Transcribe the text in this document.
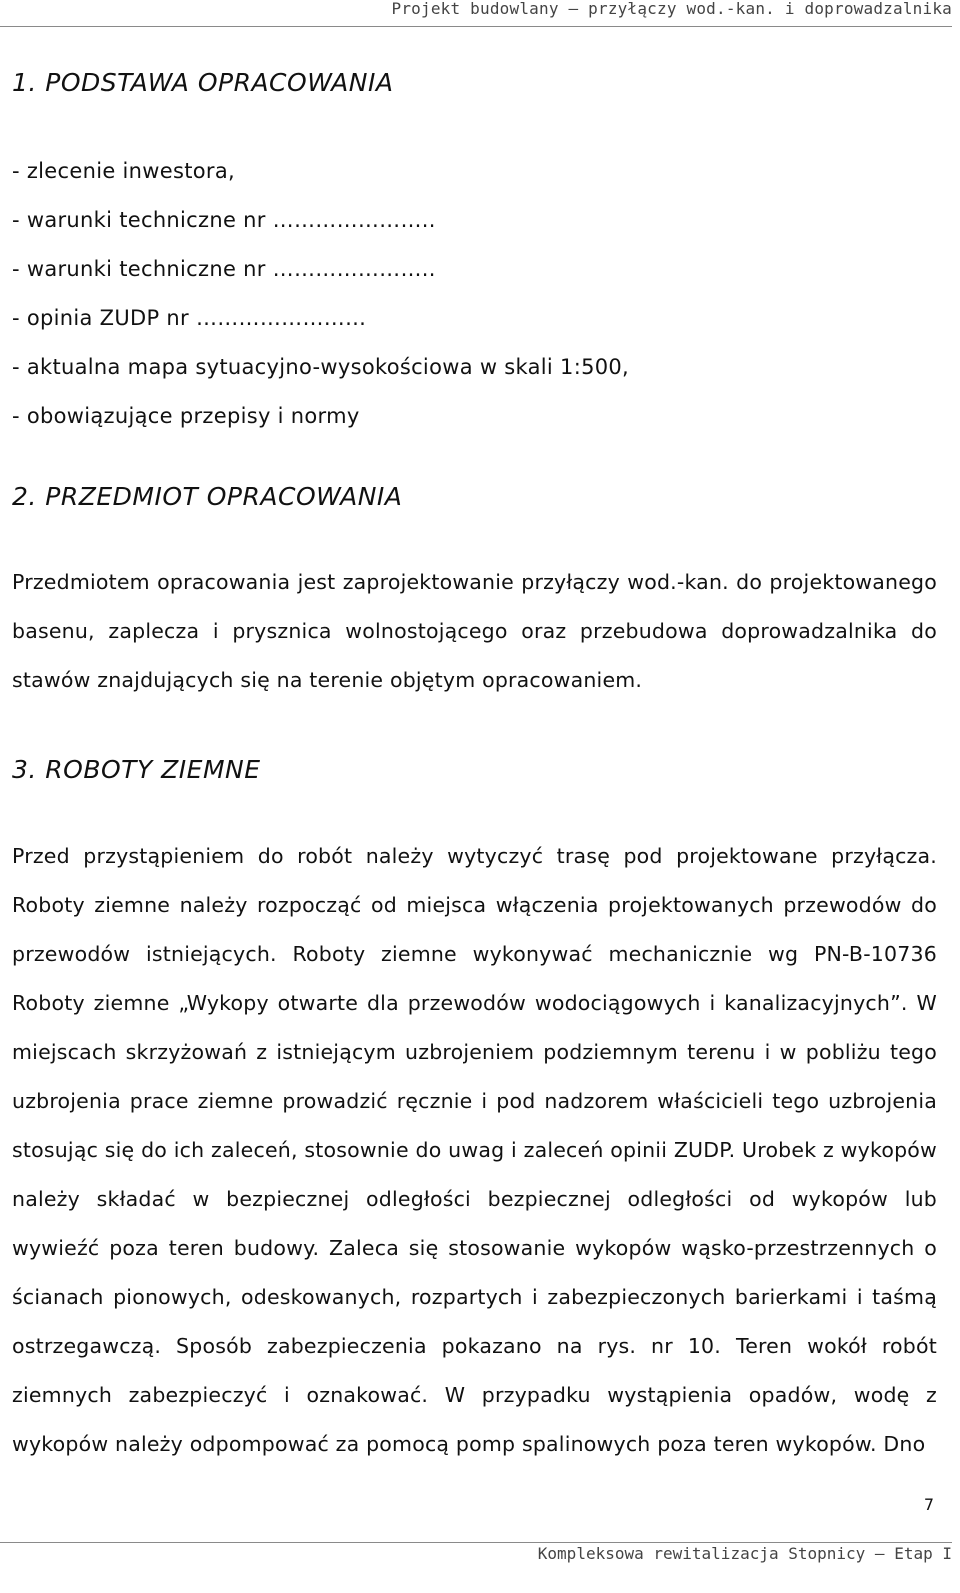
Projekt budowlany – przyłączy wod.-kan. i doprowadzalnika
1. PODSTAWA OPRACOWANIA
- zlecenie inwestora,
- warunki techniczne nr …………………..
- warunki techniczne nr …………………..
- opinia ZUDP nr ……………………
- aktualna mapa sytuacyjno-wysokościowa w skali 1:500,
- obowiązujące przepisy i normy
2. PRZEDMIOT OPRACOWANIA

Przedmiotem opracowania jest zaprojektowanie przyłączy wod.-kan. do projektowanego basenu, zaplecza i prysznica wolnostojącego oraz przebudowa doprowadzalnika do stawów znajdujących się na terenie objętym opracowaniem.

3. ROBOTY ZIEMNE

Przed przystąpieniem do robót należy wytyczyć trasę pod projektowane przyłącza. Roboty ziemne należy rozpocząć od miejsca włączenia projektowanych przewodów do przewodów istniejących. Roboty ziemne wykonywać mechanicznie wg PN-B-10736 Roboty ziemne „Wykopy otwarte dla przewodów wodociągowych i kanalizacyjnych”. W miejscach skrzyżowań z istniejącym uzbrojeniem podziemnym terenu i w pobliżu tego uzbrojenia prace ziemne prowadzić ręcznie i pod nadzorem właścicieli tego uzbrojenia stosując się do ich zaleceń, stosownie do uwag i zaleceń opinii ZUDP. Urobek z wykopów należy składać w bezpiecznej odległości bezpiecznej odległości od wykopów lub wywieźć poza teren budowy. Zaleca się stosowanie wykopów wąsko-przestrzennych o ścianach pionowych, odeskowanych, rozpartych i zabezpieczonych barierkami i taśmą ostrzegawczą. Sposób zabezpieczenia pokazano na rys. nr 10. Teren wokół robót ziemnych zabezpieczyć i oznakować. W przypadku wystąpienia opadów, wodę z wykopów należy odpompować za pomocą pomp spalinowych poza teren wykopów. Dno

7
Kompleksowa rewitalizacja Stopnicy – Etap I
